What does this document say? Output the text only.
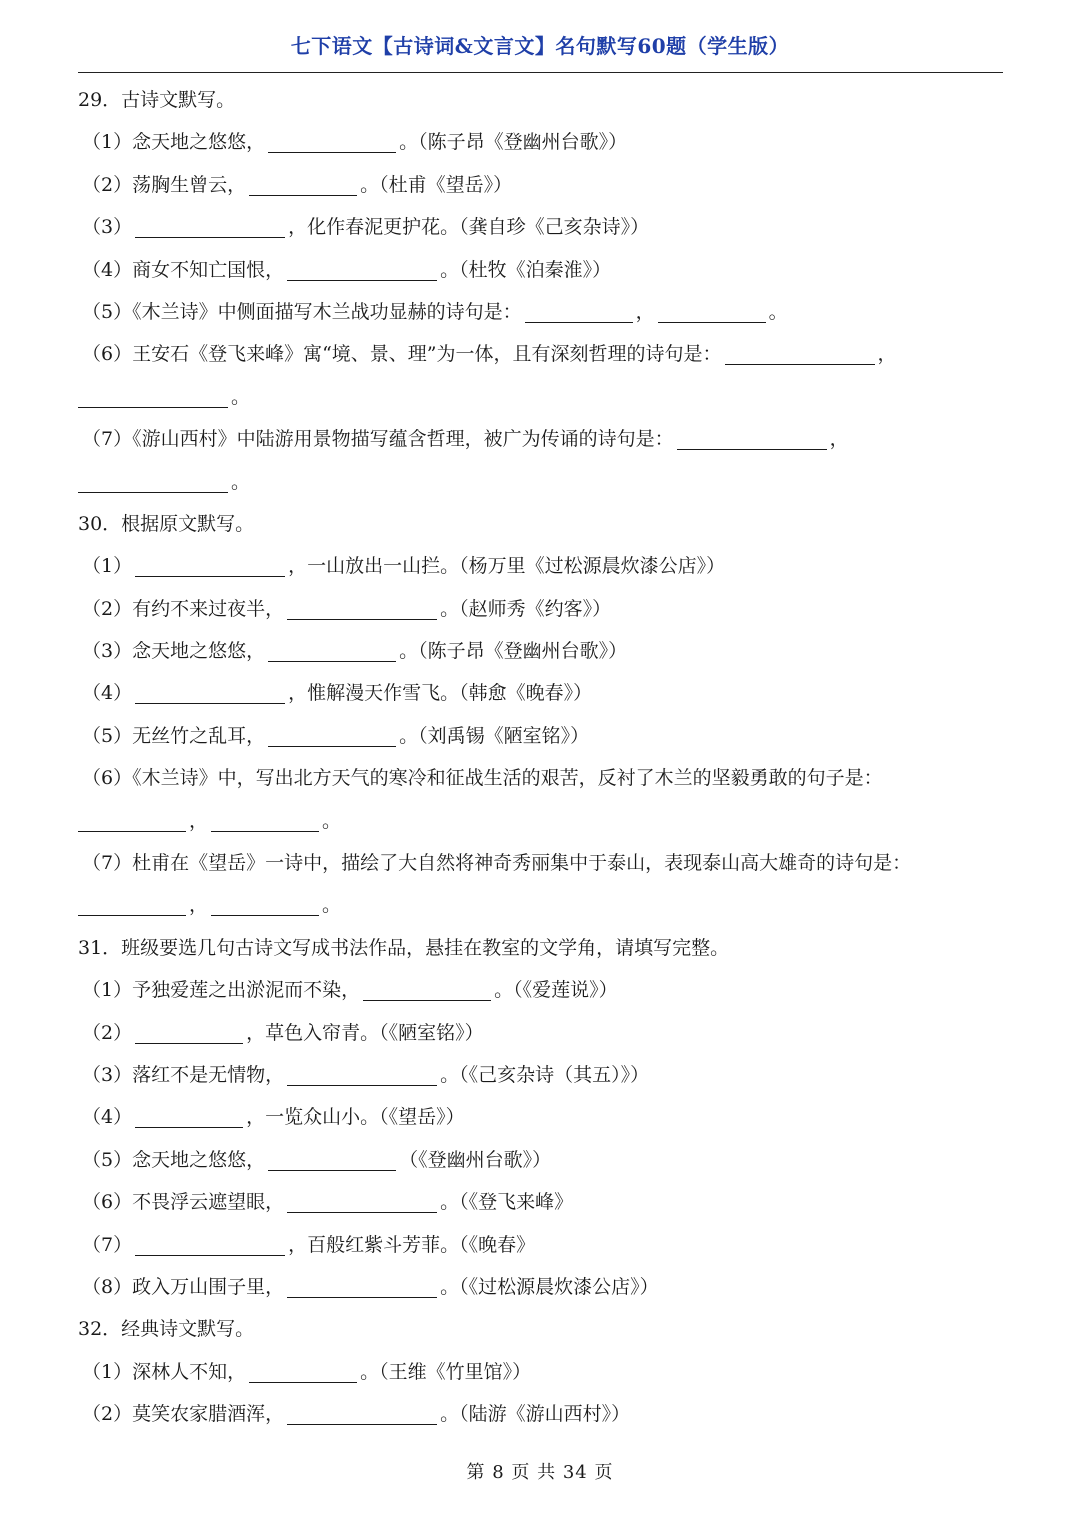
七下语文【古诗词&文言文】名句默写60题（学生版）
29．古诗文默写。
（1）念天地之悠悠，	。（陈子昂《登幽州台歌》）
（2）荡胸生曾云，	。（杜甫《望岳》）
（3）	，化作春泥更护花。（龚自珍《己亥杂诗》）
（4）商女不知亡国恨，	。（杜牧《泊秦淮》）
（5）《木兰诗》中侧面描写木兰战功显赫的诗句是：	，	。
（6）王安石《登飞来峰》寓“境、景、理”为一体，且有深刻哲理的诗句是：	，
。
（7）《游山西村》中陆游用景物描写蕴含哲理，被广为传诵的诗句是：	，
。
30．根据原文默写。
（1）	，一山放出一山拦。（杨万里《过松源晨炊漆公店》）
（2）有约不来过夜半，	。（赵师秀《约客》）
（3）念天地之悠悠，	。（陈子昂《登幽州台歌》）
（4）	，惟解漫天作雪飞。（韩愈《晚春》）
（5）无丝竹之乱耳，	。（刘禹锡《陋室铭》）
（6）《木兰诗》中，写出北方天气的寒冷和征战生活的艰苦，反衬了木兰的坚毅勇敢的句子是：
，	。
（7）杜甫在《望岳》一诗中，描绘了大自然将神奇秀丽集中于泰山，表现泰山高大雄奇的诗句是：
，	。
31．班级要选几句古诗文写成书法作品，悬挂在教室的文学角，请填写完整。
（1）予独爱莲之出淤泥而不染，	。（《爱莲说》）
（2）	，草色入帘青。（《陋室铭》）
（3）落红不是无情物，	。（《己亥杂诗（其五）》）
（4）	，一览众山小。（《望岳》）
（5）念天地之悠悠，	（《登幽州台歌》）
（6）不畏浮云遮望眼，	。（《登飞来峰》
（7）	，百般红紫斗芳菲。（《晚春》
（8）政入万山围子里，	。（《过松源晨炊漆公店》）
32．经典诗文默写。
（1）深林人不知，	。（王维《竹里馆》）
（2）莫笑农家腊酒浑，	。（陆游《游山西村》）
第 8 页 共 34 页
